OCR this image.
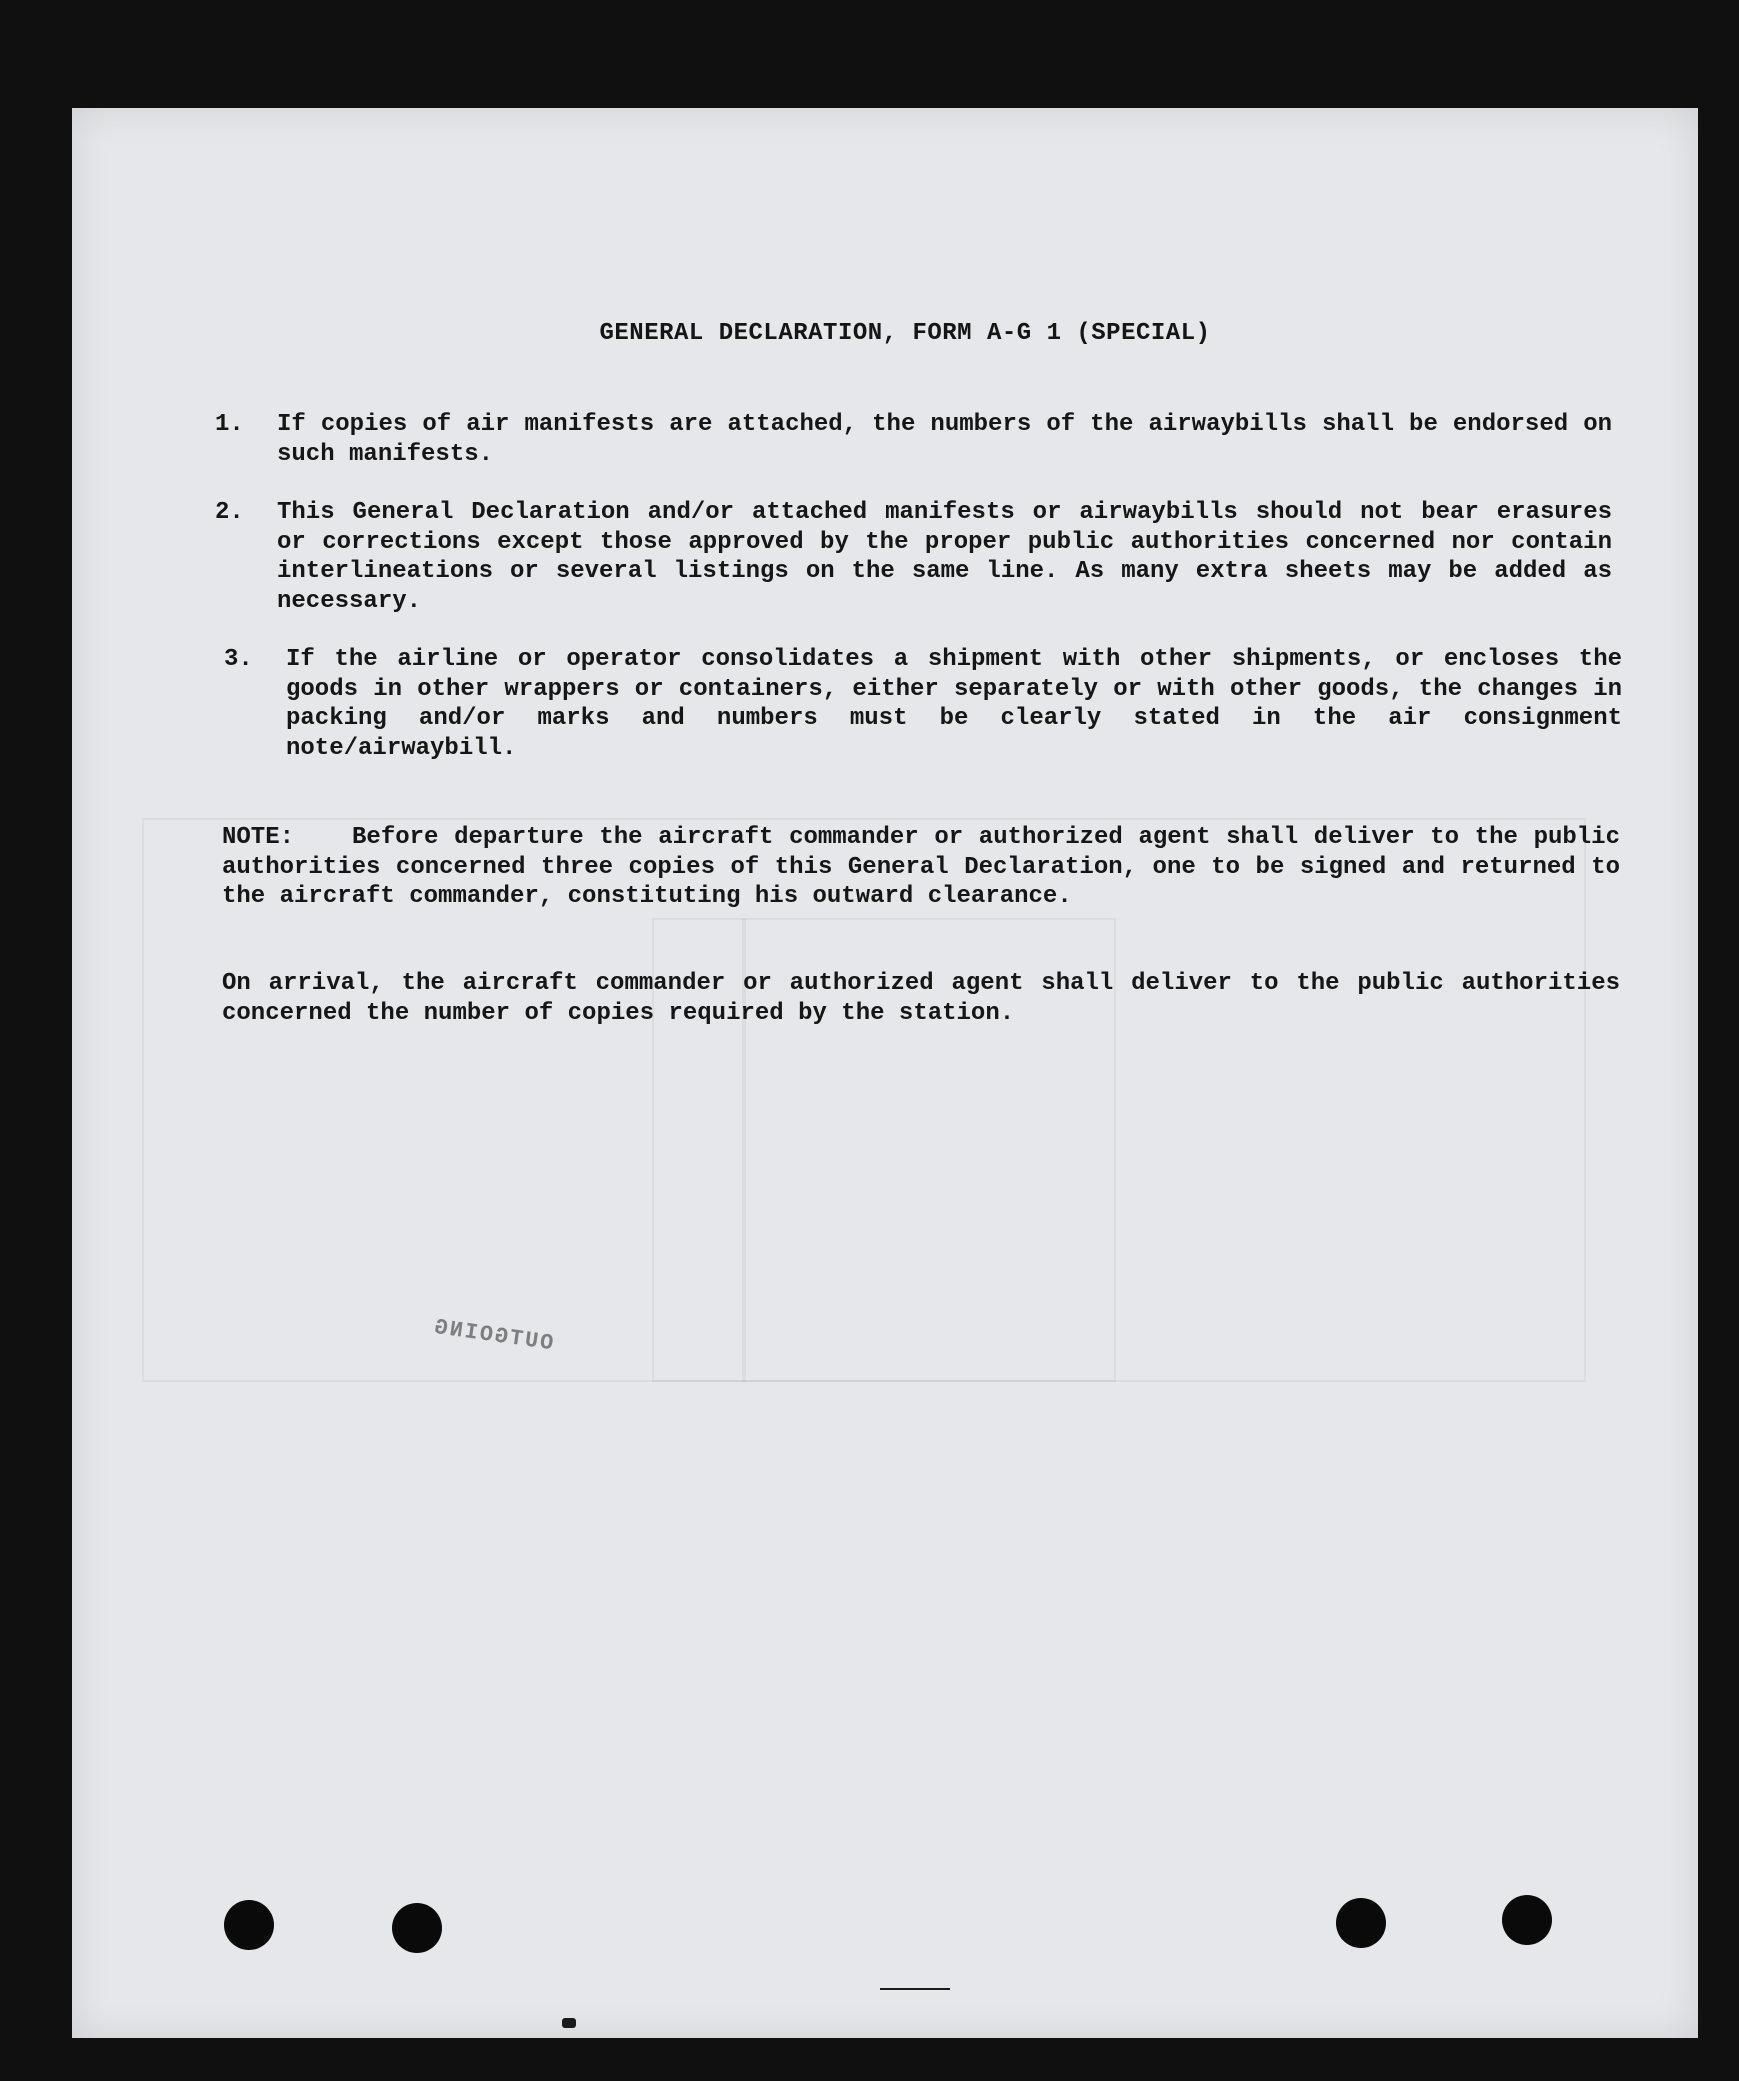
GENERAL DECLARATION, FORM A-G 1 (SPECIAL)
1. If copies of air manifests are attached, the numbers of the airwaybills shall be endorsed on such manifests.
2. This General Declaration and/or attached manifests or airwaybills should not bear erasures or corrections except those approved by the proper public authorities concerned nor contain interlineations or several listings on the same line. As many extra sheets may be added as necessary.
3. If the airline or operator consolidates a shipment with other shipments, or encloses the goods in other wrappers or containers, either separately or with other goods, the changes in packing and/or marks and numbers must be clearly stated in the air consignment note/airwaybill.
NOTE: Before departure the aircraft commander or authorized agent shall deliver to the public authorities concerned three copies of this General Declaration, one to be signed and returned to the aircraft commander, constituting his outward clearance.
On arrival, the aircraft commander or authorized agent shall deliver to the public authorities concerned the number of copies required by the station.
OUTGOING
